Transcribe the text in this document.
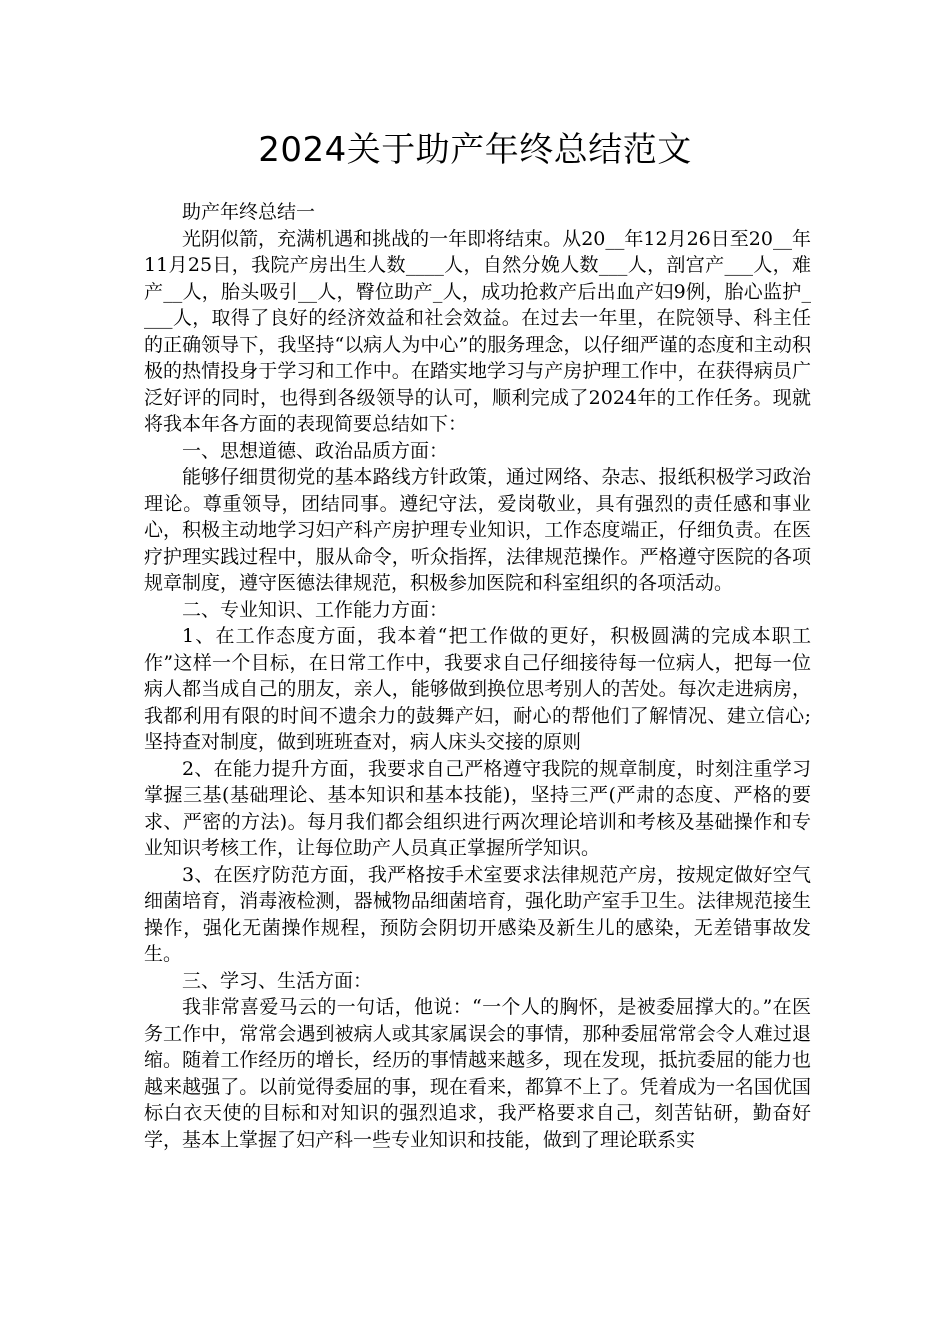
2024关于助产年终总结范文

助产年终总结一

光阴似箭，充满机遇和挑战的一年即将结束。从20__年12月26日至20__年11月25日，我院产房出生人数____人，自然分娩人数___人，剖宫产___人，难产__人，胎头吸引__人，臀位助产_人，成功抢救产后出血产妇9例，胎心监护____人，取得了良好的经济效益和社会效益。在过去一年里，在院领导、科主任的正确领导下，我坚持“以病人为中心”的服务理念，以仔细严谨的态度和主动积极的热情投身于学习和工作中。在踏实地学习与产房护理工作中，在获得病员广泛好评的同时，也得到各级领导的认可，顺利完成了2024年的工作任务。现就将我本年各方面的表现简要总结如下：

一、思想道德、政治品质方面：

能够仔细贯彻党的基本路线方针政策，通过网络、杂志、报纸积极学习政治理论。尊重领导，团结同事。遵纪守法，爱岗敬业，具有强烈的责任感和事业心，积极主动地学习妇产科产房护理专业知识，工作态度端正，仔细负责。在医疗护理实践过程中，服从命令，听众指挥，法律规范操作。严格遵守医院的各项规章制度，遵守医德法律规范，积极参加医院和科室组织的各项活动。

二、专业知识、工作能力方面：

1、在工作态度方面，我本着“把工作做的更好，积极圆满的完成本职工作”这样一个目标，在日常工作中，我要求自己仔细接待每一位病人，把每一位病人都当成自己的朋友，亲人，能够做到换位思考别人的苦处。每次走进病房，我都利用有限的时间不遗余力的鼓舞产妇，耐心的帮他们了解情况、建立信心;坚持查对制度，做到班班查对，病人床头交接的原则

2、在能力提升方面，我要求自己严格遵守我院的规章制度，时刻注重学习掌握三基(基础理论、基本知识和基本技能)，坚持三严(严肃的态度、严格的要求、严密的方法)。每月我们都会组织进行两次理论培训和考核及基础操作和专业知识考核工作，让每位助产人员真正掌握所学知识。

3、在医疗防范方面，我严格按手术室要求法律规范产房，按规定做好空气细菌培育，消毒液检测，器械物品细菌培育，强化助产室手卫生。法律规范接生操作，强化无菌操作规程，预防会阴切开感染及新生儿的感染，无差错事故发生。

三、学习、生活方面：

我非常喜爱马云的一句话，他说：“一个人的胸怀，是被委屈撑大的。”在医务工作中，常常会遇到被病人或其家属误会的事情，那种委屈常常会令人难过退缩。随着工作经历的增长，经历的事情越来越多，现在发现，抵抗委屈的能力也越来越强了。以前觉得委屈的事，现在看来，都算不上了。凭着成为一名国优国标白衣天使的目标和对知识的强烈追求，我严格要求自己，刻苦钻研，勤奋好学，基本上掌握了妇产科一些专业知识和技能，做到了理论联系实
